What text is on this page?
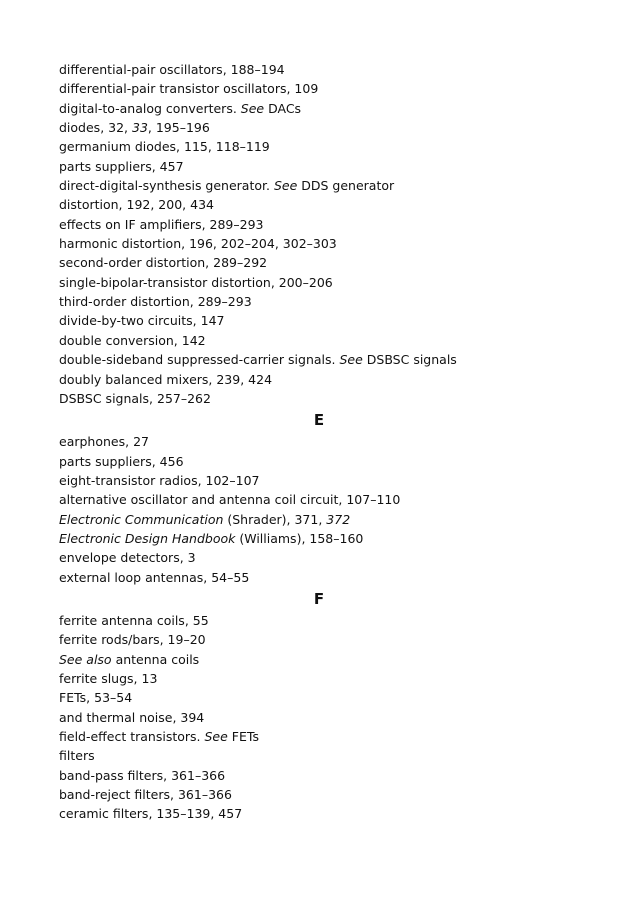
differential-pair oscillators, 188–194
differential-pair transistor oscillators, 109
digital-to-analog converters. See DACs
diodes, 32, 33, 195–196
germanium diodes, 115, 118–119
parts suppliers, 457
direct-digital-synthesis generator. See DDS generator
distortion, 192, 200, 434
effects on IF amplifiers, 289–293
harmonic distortion, 196, 202–204, 302–303
second-order distortion, 289–292
single-bipolar-transistor distortion, 200–206
third-order distortion, 289–293
divide-by-two circuits, 147
double conversion, 142
double-sideband suppressed-carrier signals. See DSBSC signals
doubly balanced mixers, 239, 424
DSBSC signals, 257–262
E
earphones, 27
parts suppliers, 456
eight-transistor radios, 102–107
alternative oscillator and antenna coil circuit, 107–110
Electronic Communication (Shrader), 371, 372
Electronic Design Handbook (Williams), 158–160
envelope detectors, 3
external loop antennas, 54–55
F
ferrite antenna coils, 55
ferrite rods/bars, 19–20
See also antenna coils
ferrite slugs, 13
FETs, 53–54
and thermal noise, 394
field-effect transistors. See FETs
filters
band-pass filters, 361–366
band-reject filters, 361–366
ceramic filters, 135–139, 457
